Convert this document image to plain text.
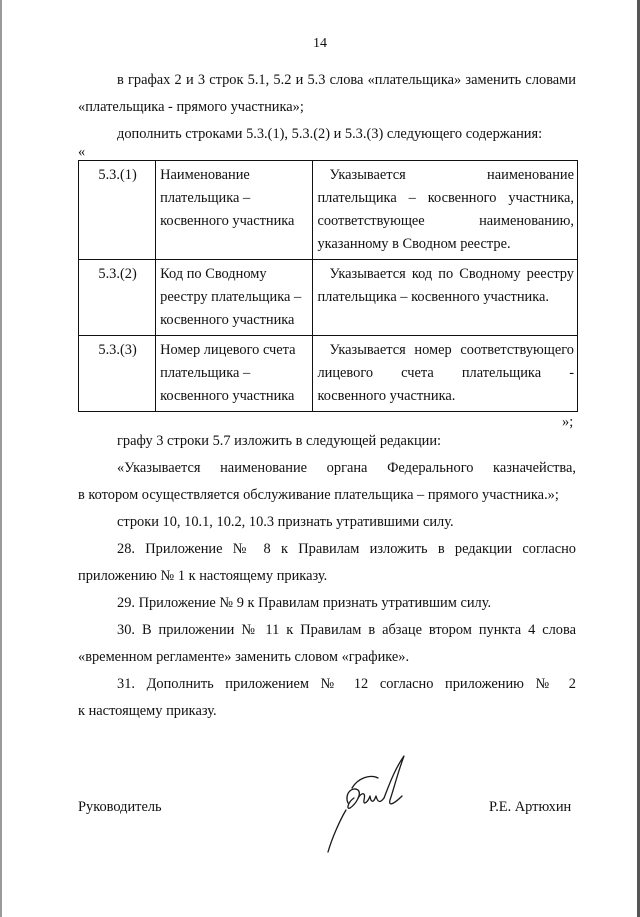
14
в графах 2 и 3 строк 5.1, 5.2 и 5.3 слова «плательщика» заменить словами
«плательщика - прямого участника»;
дополнить строками 5.3.(1), 5.3.(2) и 5.3.(3) следующего содержания:
«
5.3.(1)	Наименование
плательщика –
косвенного участника	Указывается наименование
плательщика – косвенного участника,
соответствующее наименованию,
указанному в Сводном реестре.

5.3.(2)	Код по Сводному
реестру плательщика –
косвенного участника	Указывается код по Сводному реестру
плательщика – косвенного участника.

5.3.(3)	Номер лицевого счета
плательщика –
косвенного участника	Указывается номер соответствующего
лицевого счета плательщика -
косвенного участника.
»;
графу 3 строки 5.7 изложить в следующей редакции:
«Указывается наименование органа Федерального казначейства,
в котором осуществляется обслуживание плательщика – прямого участника.»;
строки 10, 10.1, 10.2, 10.3 признать утратившими силу.
28. Приложение № 8 к Правилам изложить в редакции согласно
приложению № 1 к настоящему приказу.
29. Приложение № 9 к Правилам признать утратившим силу.
30. В приложении № 11 к Правилам в абзаце втором пункта 4 слова
«временном регламенте» заменить словом «графике».
31. Дополнить приложением № 12 согласно приложению № 2
к настоящему приказу.
Руководитель	Р.Е. Артюхин
